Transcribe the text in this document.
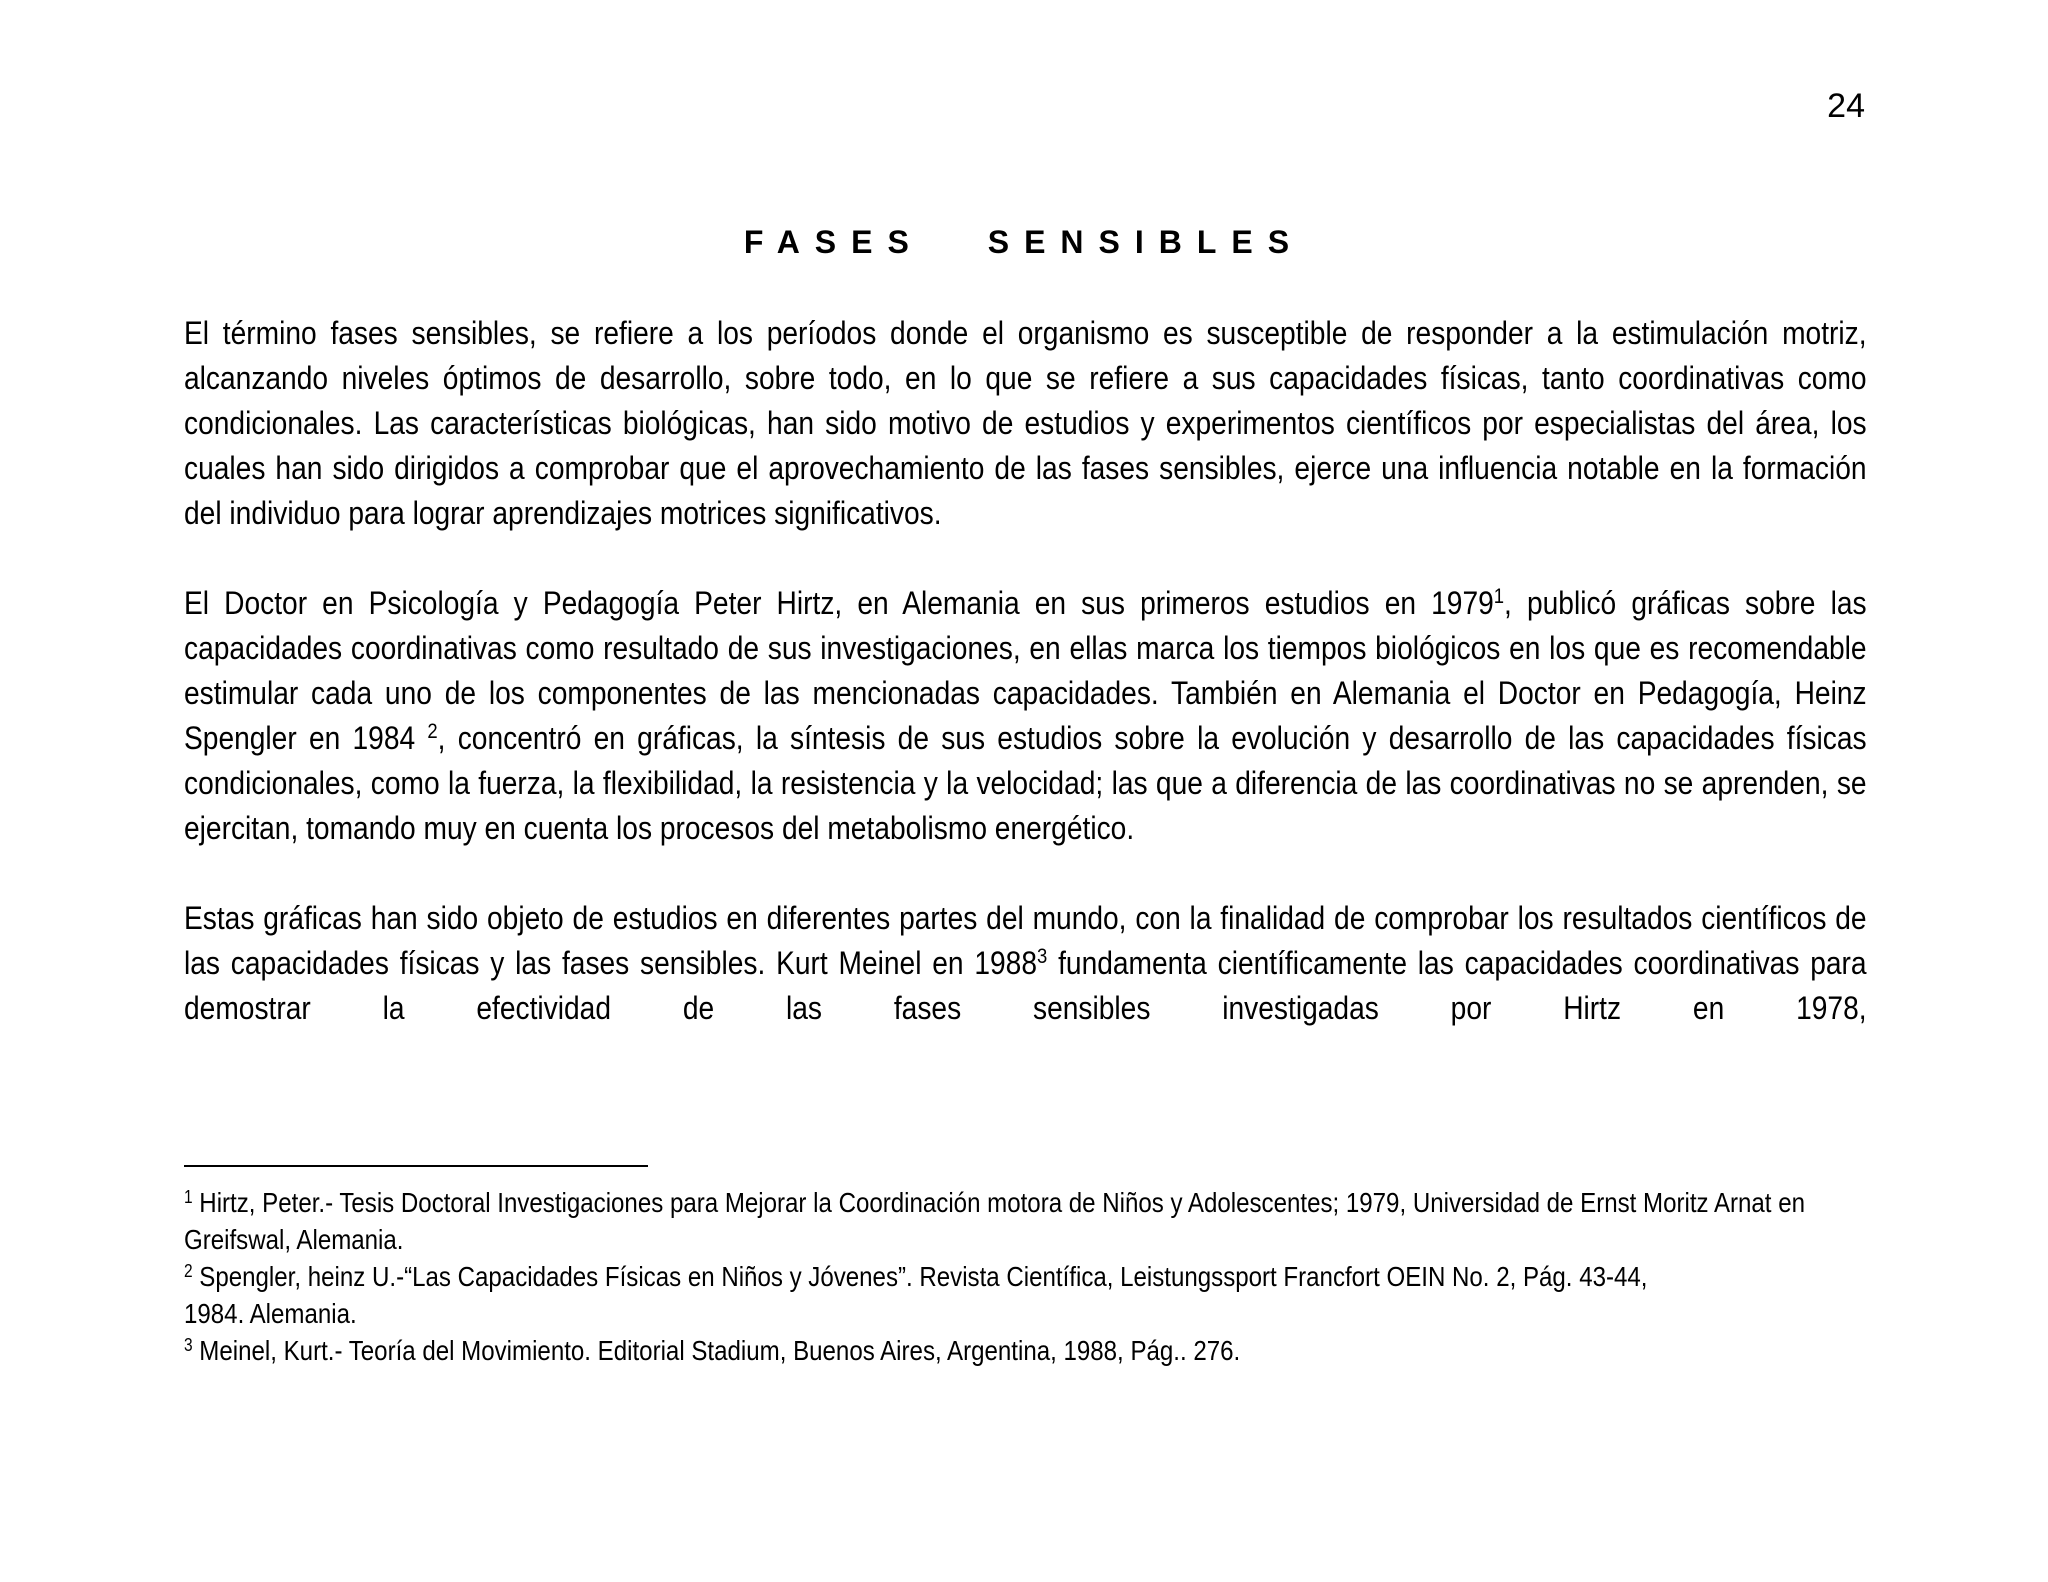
24
FASES SENSIBLES

El término fases sensibles, se refiere a los períodos donde el organismo es susceptible de responder a la estimulación motriz, alcanzando niveles óptimos de desarrollo, sobre todo, en lo que se refiere a sus capacidades físicas, tanto coordinativas como condicionales. Las características biológicas, han sido motivo de estudios y experimentos científicos por especialistas del área, los cuales han sido dirigidos a comprobar que el aprovechamiento de las fases sensibles, ejerce una influencia notable en la formación del individuo para lograr aprendizajes motrices significativos.

El Doctor en Psicología y Pedagogía Peter Hirtz, en Alemania en sus primeros estudios en 1979$^1$, publicó gráficas sobre las capacidades coordinativas como resultado de sus investigaciones, en ellas marca los tiempos biológicos en los que es recomendable estimular cada uno de los componentes de las mencionadas capacidades. También en Alemania el Doctor en Pedagogía, Heinz Spengler en 1984 $^2$, concentró en gráficas, la síntesis de sus estudios sobre la evolución y desarrollo de las capacidades físicas condicionales, como la fuerza, la flexibilidad, la resistencia y la velocidad; las que a diferencia de las coordinativas no se aprenden, se ejercitan, tomando muy en cuenta los procesos del metabolismo energético.

Estas gráficas han sido objeto de estudios en diferentes partes del mundo, con la finalidad de comprobar los resultados científicos de las capacidades físicas y las fases sensibles. Kurt Meinel en 1988$^3$ fundamenta científicamente las capacidades coordinativas para demostrar la efectividad de las fases sensibles investigadas por Hirtz en 1978,

$^1$ Hirtz, Peter.- Tesis Doctoral Investigaciones para Mejorar la Coordinación motora de Niños y Adolescentes; 1979, Universidad de Ernst Moritz Arnat en Greifswal, Alemania.

$^2$ Spengler, heinz U.-“Las Capacidades Físicas en Niños y Jóvenes”. Revista Científica, Leistungssport Francfort OEIN No. 2, Pág. 43-44,
1984. Alemania.

$^3$ Meinel, Kurt.- Teoría del Movimiento. Editorial Stadium, Buenos Aires, Argentina, 1988, Pág.. 276.
